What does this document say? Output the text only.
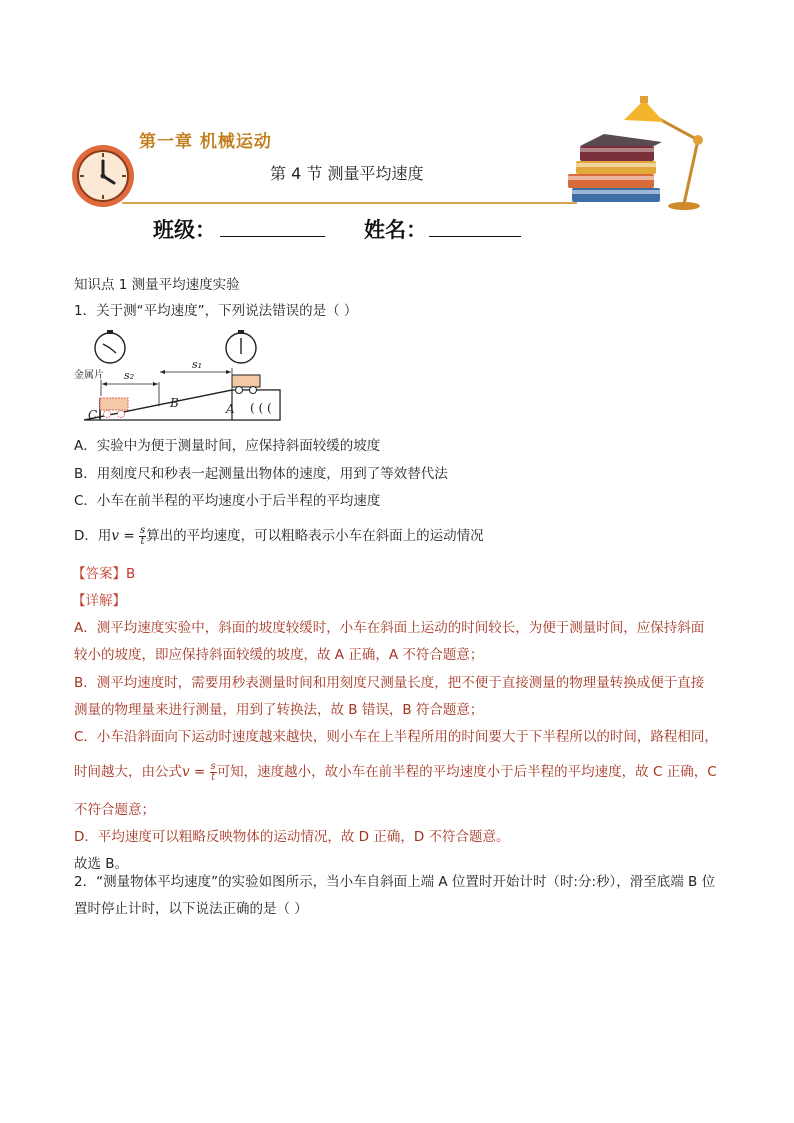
第一章 机械运动
第 4 节 测量平均速度
班级：	姓名：
知识点 1 测量平均速度实验
1．关于测“平均速度”，下列说法错误的是（ ）
( ( (
金属片 s₂
s₁
A
B
C
A．实验中为便于测量时间，应保持斜面较缓的坡度
B．用刻度尺和秒表一起测量出物体的速度，用到了等效替代法
C．小车在前半程的平均速度小于后半程的平均速度
D．用$v = \frac{s}{t}$ 算出的平均速度，可以粗略表示小车在斜面上的运动情况
【答案】B
【详解】
A．测平均速度实验中，斜面的坡度较缓时，小车在斜面上运动的时间较长，为便于测量时间，应保持斜面
较小的坡度，即应保持斜面较缓的坡度，故 A 正确，A 不符合题意；
B．测平均速度时，需要用秒表测量时间和用刻度尺测量长度，把不便于直接测量的物理量转换成便于直接
测量的物理量来进行测量，用到了转换法，故 B 错误，B 符合题意；
C．小车沿斜面向下运动时速度越来越快，则小车在上半程所用的时间要大于下半程所以的时间，路程相同，
时间越大，由公式$v = \frac{s}{t}$ 可知，速度越小，故小车在前半程的平均速度小于后半程的平均速度，故 C 正确，C
不符合题意；
D．平均速度可以粗略反映物体的运动情况，故 D 正确，D 不符合题意。
故选 B。
2．“测量物体平均速度”的实验如图所示，当小车自斜面上端 A 位置时开始计时（时:分:秒），滑至底端 B 位
置时停止计时，以下说法正确的是（ ）
